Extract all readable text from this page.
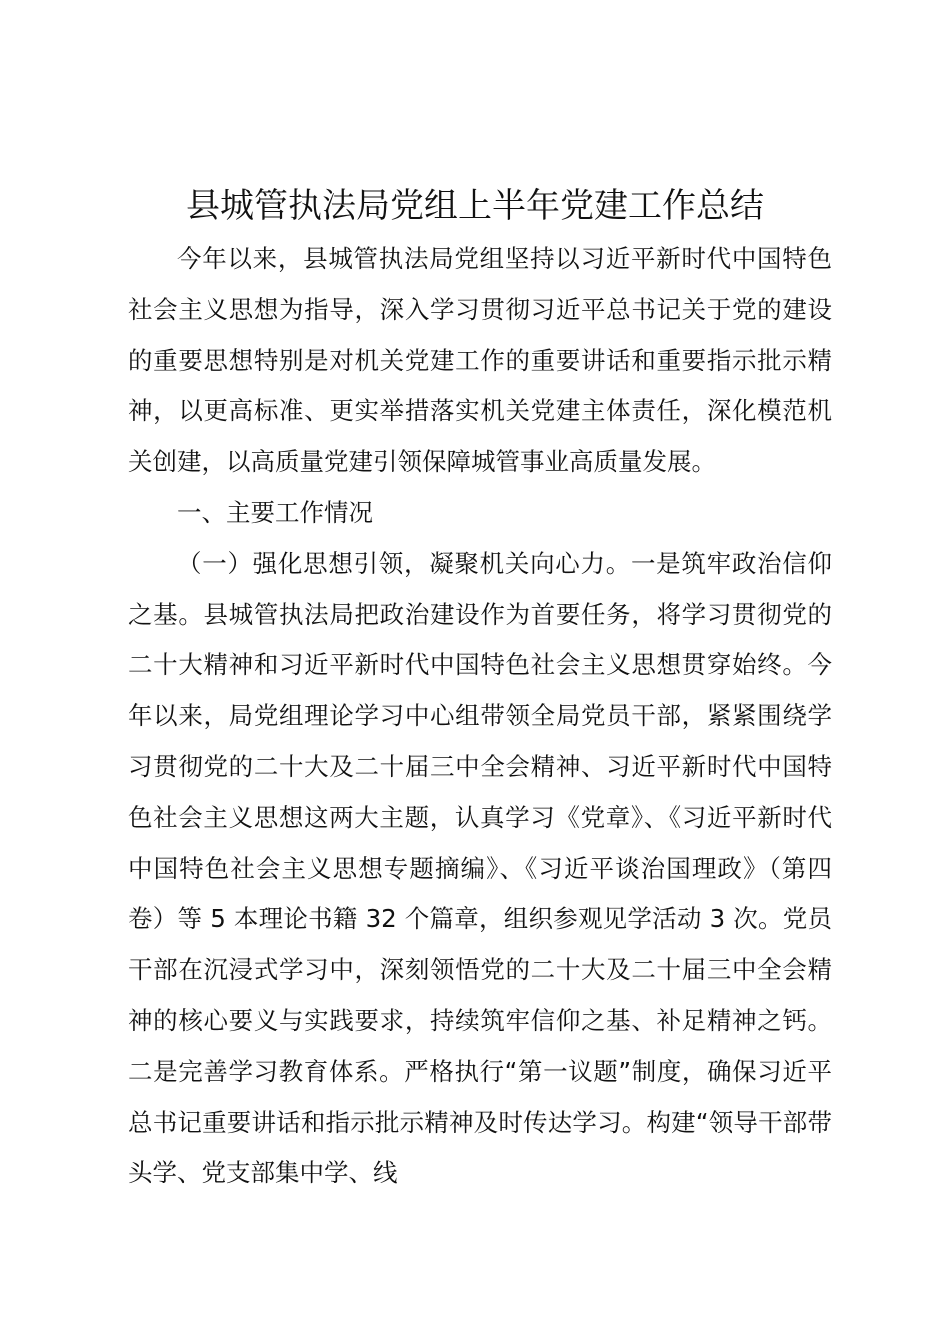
县城管执法局党组上半年党建工作总结

今年以来，县城管执法局党组坚持以习近平新时代中国特色社会主义思想为指导，深入学习贯彻习近平总书记关于党的建设的重要思想特别是对机关党建工作的重要讲话和重要指示批示精神，以更高标准、更实举措落实机关党建主体责任，深化模范机关创建，以高质量党建引领保障城管事业高质量发展。

一、主要工作情况

（一）强化思想引领，凝聚机关向心力。一是筑牢政治信仰之基。县城管执法局把政治建设作为首要任务，将学习贯彻党的二十大精神和习近平新时代中国特色社会主义思想贯穿始终。今年以来，局党组理论学习中心组带领全局党员干部，紧紧围绕学习贯彻党的二十大及二十届三中全会精神、习近平新时代中国特色社会主义思想这两大主题，认真学习《党章》、《习近平新时代中国特色社会主义思想专题摘编》、《习近平谈治国理政》（第四卷）等 5 本理论书籍 32 个篇章，组织参观见学活动 3 次。党员干部在沉浸式学习中，深刻领悟党的二十大及二十届三中全会精神的核心要义与实践要求，持续筑牢信仰之基、补足精神之钙。二是完善学习教育体系。严格执行“第一议题”制度，确保习近平总书记重要讲话和指示批示精神及时传达学习。构建“领导干部带头学、党支部集中学、线
